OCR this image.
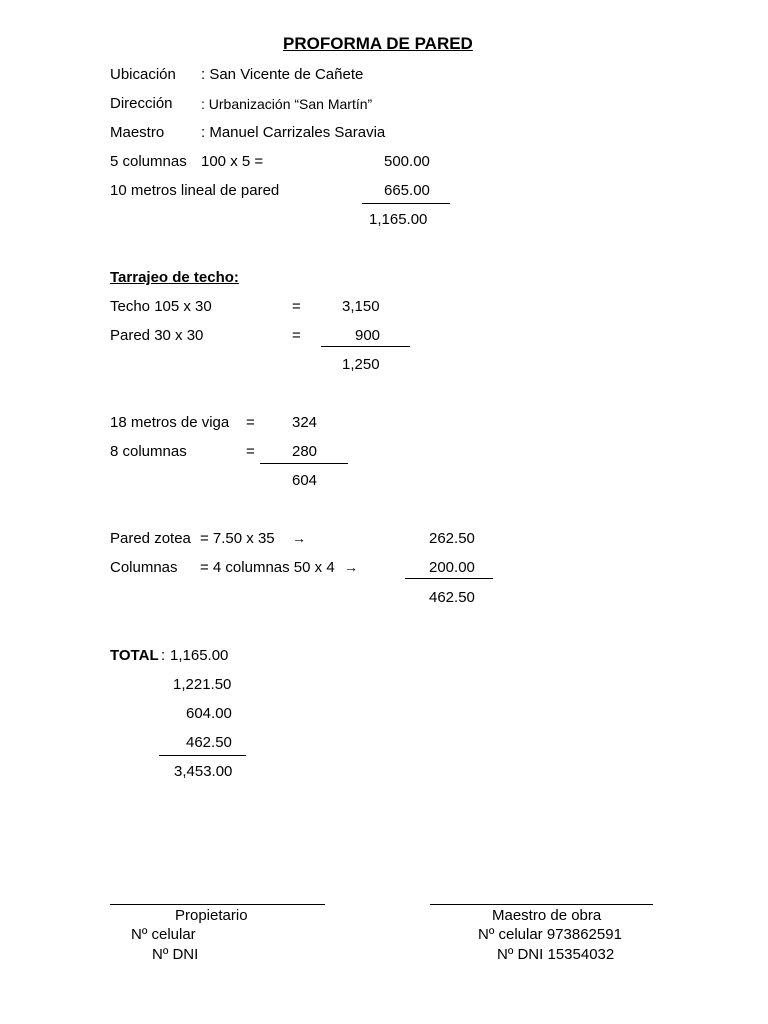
PROFORMA DE PARED
Ubicación : San Vicente de Cañete
Dirección : Urbanización “San Martín”
Maestro : Manuel Carrizales Saravia
5 columnas 100 x 5 =	500.00
10 metros lineal de pared	665.00
1,165.00
Tarrajeo de techo:
Techo 105 x 30	=	3,150
Pared 30 x 30	=	900
1,250
18 metros de viga = 324
8 columnas	= 280
604
Pared zotea = 7.50 x 35 →	262.50
Columnas = 4 columnas 50 x 4 →	200.00
462.50
TOTAL : 1,165.00
1,221.50
604.00
462.50
3,453.00
Propietario
Nº celular
Nº DNI
Maestro de obra
Nº celular 973862591
Nº DNI 15354032
